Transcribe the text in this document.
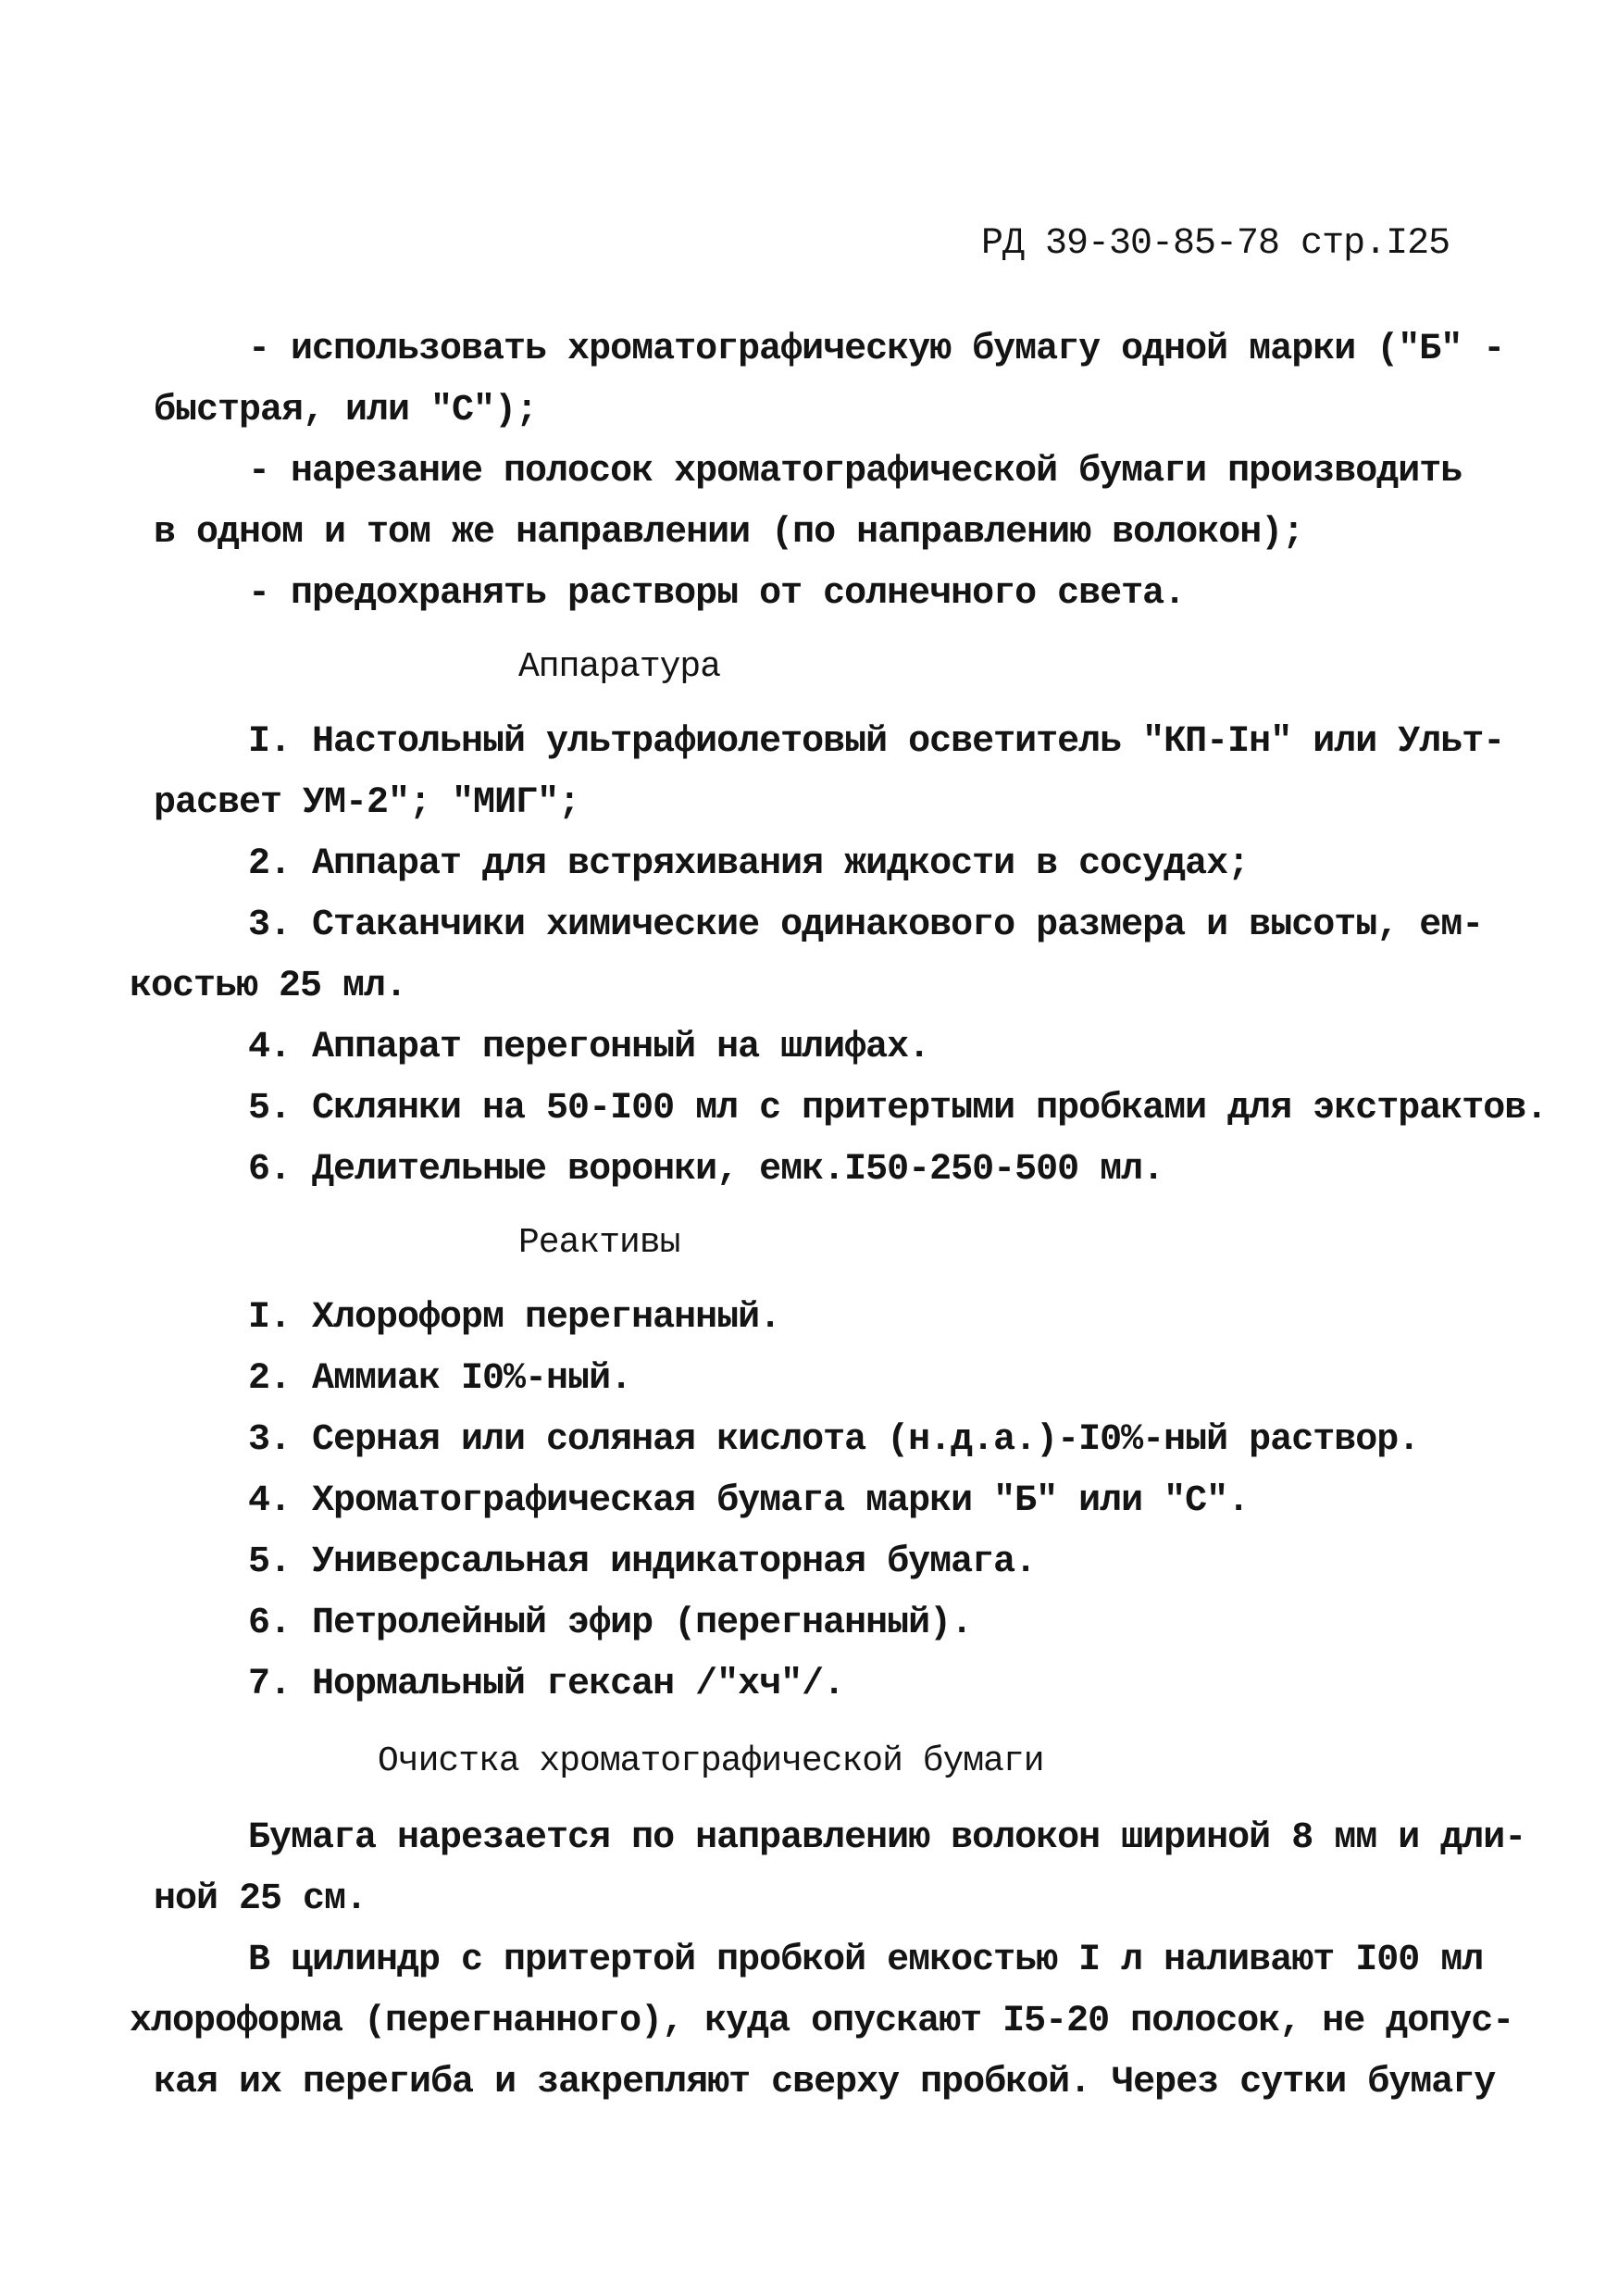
РД 39-30-85-78 стр.I25
- использовать хроматографическую бумагу одной марки ("Б" -
быстрая, или "С");
- нарезание полосок хроматографической бумаги производить
в одном и том же направлении (по направлению волокон);
- предохранять растворы от солнечного света.
Аппаратура
I. Настольный ультрафиолетовый осветитель "КП-Iн" или Ульт-
расвет УМ-2"; "МИГ";
2. Аппарат для встряхивания жидкости в сосудах;
3. Стаканчики химические одинакового размера и высоты, ем-
костью 25 мл.
4. Аппарат перегонный на шлифах.
5. Склянки на 50-I00 мл с притертыми пробками для экстрактов.
6. Делительные воронки, емк.I50-250-500 мл.
Реактивы
I. Хлороформ перегнанный.
2. Аммиак I0%-ный.
3. Серная или соляная кислота (н.д.а.)-I0%-ный раствор.
4. Хроматографическая бумага марки "Б" или "С".
5. Универсальная индикаторная бумага.
6. Петролейный эфир (перегнанный).
7. Нормальный гексан /"хч"/.
Очистка хроматографической бумаги
Бумага нарезается по направлению волокон шириной 8 мм и дли-
ной 25 см.
В цилиндр с притертой пробкой емкостью I л наливают I00 мл
хлороформа (перегнанного), куда опускают I5-20 полосок, не допус-
кая их перегиба и закрепляют сверху пробкой. Через сутки бумагу
